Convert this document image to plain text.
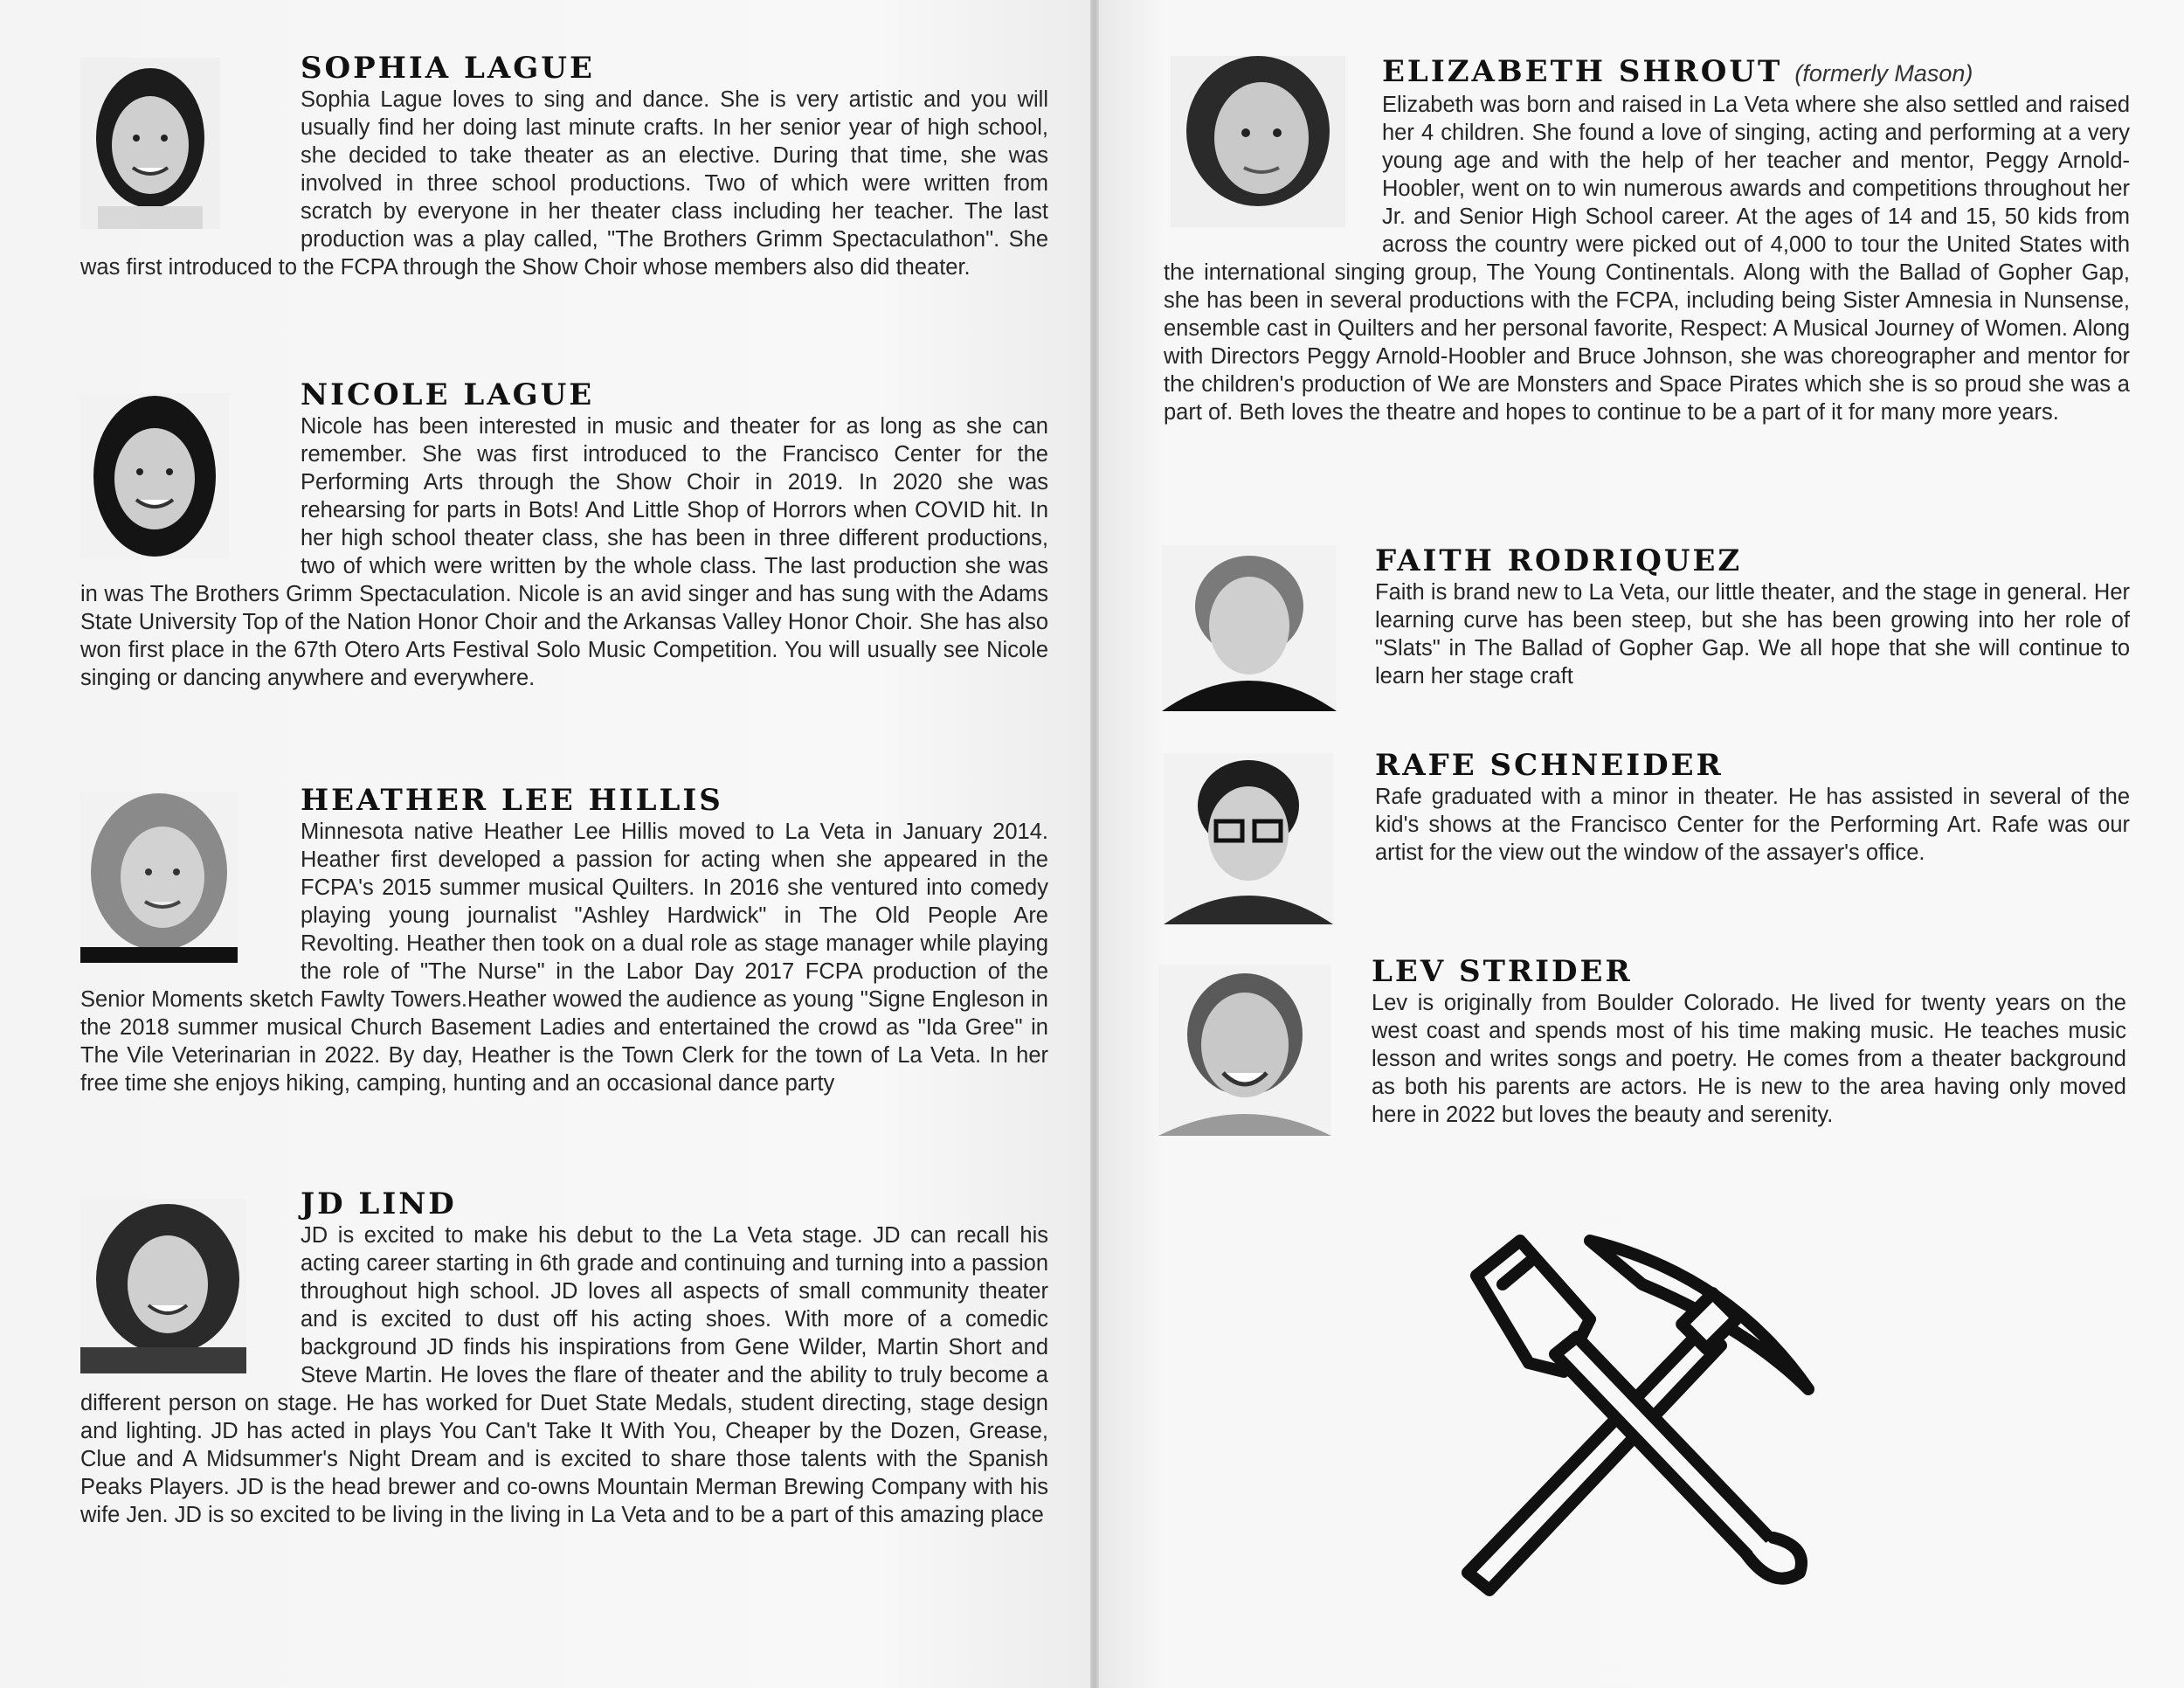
SOPHIA LAGUE
Sophia Lague loves to sing and dance. She is very artistic and you will usually find her doing last minute crafts. In her senior year of high school, she decided to take theater as an elective. During that time, she was involved in three school productions. Two of which were written from scratch by everyone in her theater class including her teacher. The last production was a play called, "The Brothers Grimm Spectaculathon". She was first introduced to the FCPA through the Show Choir whose members also did theater.
NICOLE LAGUE
Nicole has been interested in music and theater for as long as she can remember. She was first introduced to the Francisco Center for the Performing Arts through the Show Choir in 2019. In 2020 she was rehearsing for parts in Bots! And Little Shop of Horrors when COVID hit. In her high school theater class, she has been in three different productions, two of which were written by the whole class. The last production she was in was The Brothers Grimm Spectaculation. Nicole is an avid singer and has sung with the Adams State University Top of the Nation Honor Choir and the Arkansas Valley Honor Choir. She has also won first place in the 67th Otero Arts Festival Solo Music Competition. You will usually see Nicole singing or dancing anywhere and everywhere.
HEATHER LEE HILLIS
Minnesota native Heather Lee Hillis moved to La Veta in January 2014. Heather first developed a passion for acting when she appeared in the FCPA's 2015 summer musical Quilters. In 2016 she ventured into comedy playing young journalist "Ashley Hardwick" in The Old People Are Revolting. Heather then took on a dual role as stage manager while playing the role of "The Nurse" in the Labor Day 2017 FCPA production of the Senior Moments sketch Fawlty Towers.Heather wowed the audience as young "Signe Engleson in the 2018 summer musical Church Basement Ladies and entertained the crowd as "Ida Gree" in The Vile Veterinarian in 2022. By day, Heather is the Town Clerk for the town of La Veta. In her free time she enjoys hiking, camping, hunting and an occasional dance party
JD LIND
JD is excited to make his debut to the La Veta stage. JD can recall his acting career starting in 6th grade and continuing and turning into a passion throughout high school. JD loves all aspects of small community theater and is excited to dust off his acting shoes. With more of a comedic background JD finds his inspirations from Gene Wilder, Martin Short and Steve Martin. He loves the flare of theater and the ability to truly become a different person on stage. He has worked for Duet State Medals, student directing, stage design and lighting. JD has acted in plays You Can't Take It With You, Cheaper by the Dozen, Grease, Clue and A Midsummer's Night Dream and is excited to share those talents with the Spanish Peaks Players. JD is the head brewer and co-owns Mountain Merman Brewing Company with his wife Jen. JD is so excited to be living in the living in La Veta and to be a part of this amazing place
ELIZABETH SHROUT (formerly Mason)
Elizabeth was born and raised in La Veta where she also settled and raised her 4 children. She found a love of singing, acting and performing at a very young age and with the help of her teacher and mentor, Peggy Arnold-Hoobler, went on to win numerous awards and competitions throughout her Jr. and Senior High School career. At the ages of 14 and 15, 50 kids from across the country were picked out of 4,000 to tour the United States with the international singing group, The Young Continentals. Along with the Ballad of Gopher Gap, she has been in several productions with the FCPA, including being Sister Amnesia in Nunsense, ensemble cast in Quilters and her personal favorite, Respect: A Musical Journey of Women. Along with Directors Peggy Arnold-Hoobler and Bruce Johnson, she was choreographer and mentor for the children's production of We are Monsters and Space Pirates which she is so proud she was a part of. Beth loves the theatre and hopes to continue to be a part of it for many more years.
FAITH RODRIQUEZ
Faith is brand new to La Veta, our little theater, and the stage in general. Her learning curve has been steep, but she has been growing into her role of "Slats" in The Ballad of Gopher Gap. We all hope that she will continue to learn her stage craft
RAFE SCHNEIDER
Rafe graduated with a minor in theater. He has assisted in several of the kid's shows at the Francisco Center for the Performing Art. Rafe was our artist for the view out the window of the assayer's office.
LEV STRIDER
Lev is originally from Boulder Colorado. He lived for twenty years on the west coast and spends most of his time making music. He teaches music lesson and writes songs and poetry. He comes from a theater background as both his parents are actors. He is new to the area having only moved here in 2022 but loves the beauty and serenity.
